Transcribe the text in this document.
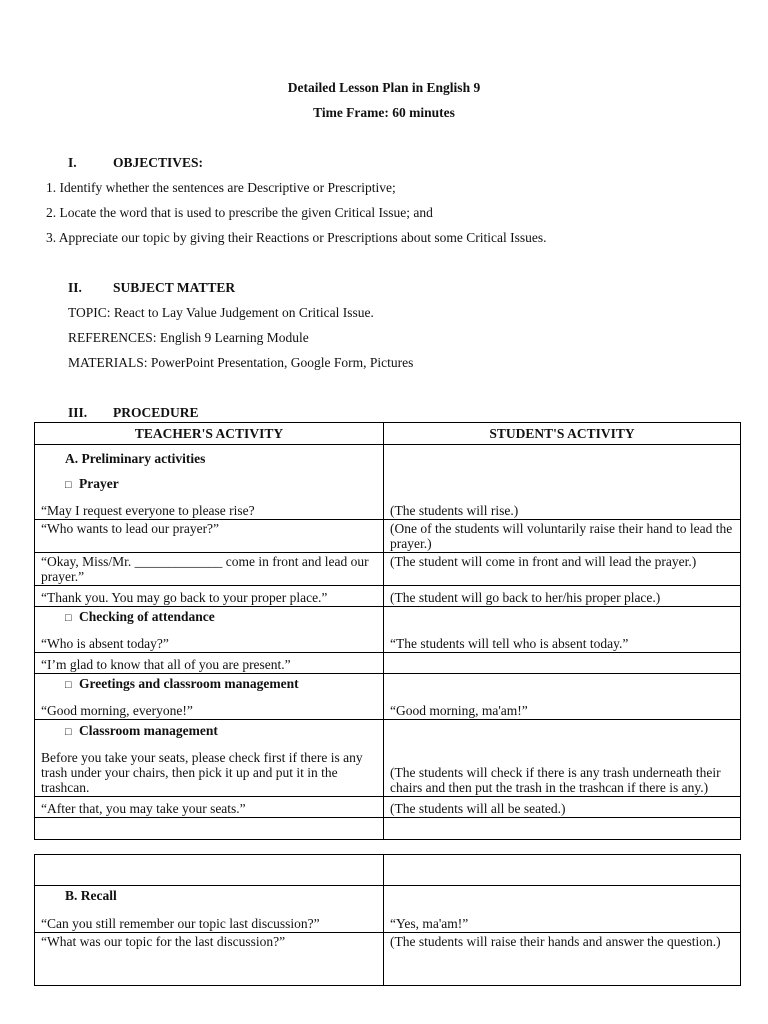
Detailed Lesson Plan in English 9
Time Frame: 60 minutes
I.	OBJECTIVES:
1. Identify whether the sentences are Descriptive or Prescriptive;
2. Locate the word that is used to prescribe the given Critical Issue; and
3. Appreciate our topic by giving their Reactions or Prescriptions about some Critical Issues.
II. SUBJECT MATTER
TOPIC: React to Lay Value Judgement on Critical Issue.
REFERENCES: English 9 Learning Module
MATERIALS: PowerPoint Presentation, Google Form, Pictures
III. PROCEDURE
TEACHER'S ACTIVITY	STUDENT'S ACTIVITY

A. Preliminary activities
□ Prayer
“May I request everyone to please rise?	(The students will rise.)
“Who wants to lead our prayer?”	(One of the students will voluntarily raise their hand to lead the prayer.)
“Okay, Miss/Mr. _____________ come in front and lead our prayer.”	(The student will come in front and will lead the prayer.)
“Thank you. You may go back to your proper place.”	(The student will go back to her/his proper place.)

□ Checking of attendance
“Who is absent today?”	“The students will tell who is absent today.”
“I’m glad to know that all of you are present.”	

□ Greetings and classroom management
“Good morning, everyone!”	“Good morning, ma'am!”

□ Classroom management
Before you take your seats, please check first if there is any trash under your chairs, then pick it up and put it in the trashcan.	(The students will check if there is any trash underneath their chairs and then put the trash in the trashcan if there is any.)
“After that, you may take your seats.”	(The students will all be seated.)

B. Recall
“Can you still remember our topic last discussion?”	“Yes, ma'am!”
“What was our topic for the last discussion?”	(The students will raise their hands and answer the question.)
